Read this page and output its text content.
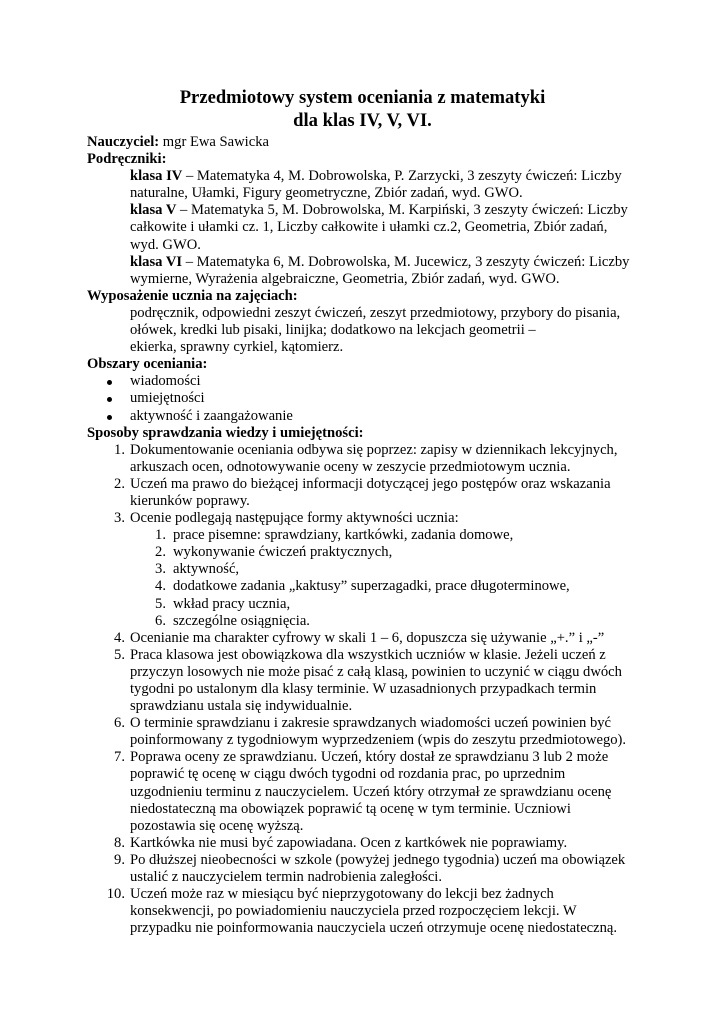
Przedmiotowy system oceniania z matematyki
dla klas IV, V, VI.

Nauczyciel: mgr Ewa Sawicka

Podręczniki:

klasa IV – Matematyka 4, M. Dobrowolska, P. Zarzycki, 3 zeszyty ćwiczeń: Liczby

naturalne, Ułamki, Figury geometryczne, Zbiór zadań, wyd. GWO.

klasa V – Matematyka 5, M. Dobrowolska, M. Karpiński, 3 zeszyty ćwiczeń: Liczby

całkowite i ułamki cz. 1, Liczby całkowite i ułamki cz.2, Geometria, Zbiór zadań,

wyd. GWO.

klasa VI – Matematyka 6, M. Dobrowolska, M. Jucewicz, 3 zeszyty ćwiczeń: Liczby

wymierne, Wyrażenia algebraiczne, Geometria, Zbiór zadań, wyd. GWO.

Wyposażenie ucznia na zajęciach:

podręcznik, odpowiedni zeszyt ćwiczeń, zeszyt przedmiotowy, przybory do pisania,

ołówek, kredki lub pisaki, linijka; dodatkowo na lekcjach geometrii –

ekierka, sprawny cyrkiel, kątomierz.

Obszary oceniania:

wiadomości
umiejętności
aktywność i zaangażowanie

Sposoby sprawdzania wiedzy i umiejętności:

1. Dokumentowanie oceniania odbywa się poprzez: zapisy w dziennikach lekcyjnych,
arkuszach ocen, odnotowywanie oceny w zeszycie przedmiotowym ucznia.
2. Uczeń ma prawo do bieżącej informacji dotyczącej jego postępów oraz wskazania
kierunków poprawy.
3. Ocenie podlegają następujące formy aktywności ucznia:
1. prace pisemne: sprawdziany, kartkówki, zadania domowe,
2. wykonywanie ćwiczeń praktycznych,
3. aktywność,
4. dodatkowe zadania „kaktusy” superzagadki, prace długoterminowe,
5. wkład pracy ucznia,
6. szczególne osiągnięcia.
4. Ocenianie ma charakter cyfrowy w skali 1 – 6, dopuszcza się używanie „+.” i „-”
5. Praca klasowa jest obowiązkowa dla wszystkich uczniów w klasie. Jeżeli uczeń z
przyczyn losowych nie może pisać z całą klasą, powinien to uczynić w ciągu dwóch
tygodni po ustalonym dla klasy terminie. W uzasadnionych przypadkach termin
sprawdzianu ustala się indywidualnie.
6. O terminie sprawdzianu i zakresie sprawdzanych wiadomości uczeń powinien być
poinformowany z tygodniowym wyprzedzeniem (wpis do zeszytu przedmiotowego).
7. Poprawa oceny ze sprawdzianu. Uczeń, który dostał ze sprawdzianu 3 lub 2 może
poprawić tę ocenę w ciągu dwóch tygodni od rozdania prac, po uprzednim
uzgodnieniu terminu z nauczycielem. Uczeń który otrzymał ze sprawdzianu ocenę
niedostateczną ma obowiązek poprawić tą ocenę w tym terminie. Uczniowi
pozostawia się ocenę wyższą.
8. Kartkówka nie musi być zapowiadana. Ocen z kartkówek nie poprawiamy.
9. Po dłuższej nieobecności w szkole (powyżej jednego tygodnia) uczeń ma obowiązek
ustalić z nauczycielem termin nadrobienia zaległości.
10. Uczeń może raz w miesiącu być nieprzygotowany do lekcji bez żadnych
konsekwencji, po powiadomieniu nauczyciela przed rozpoczęciem lekcji. W
przypadku nie poinformowania nauczyciela uczeń otrzymuje ocenę niedostateczną.
